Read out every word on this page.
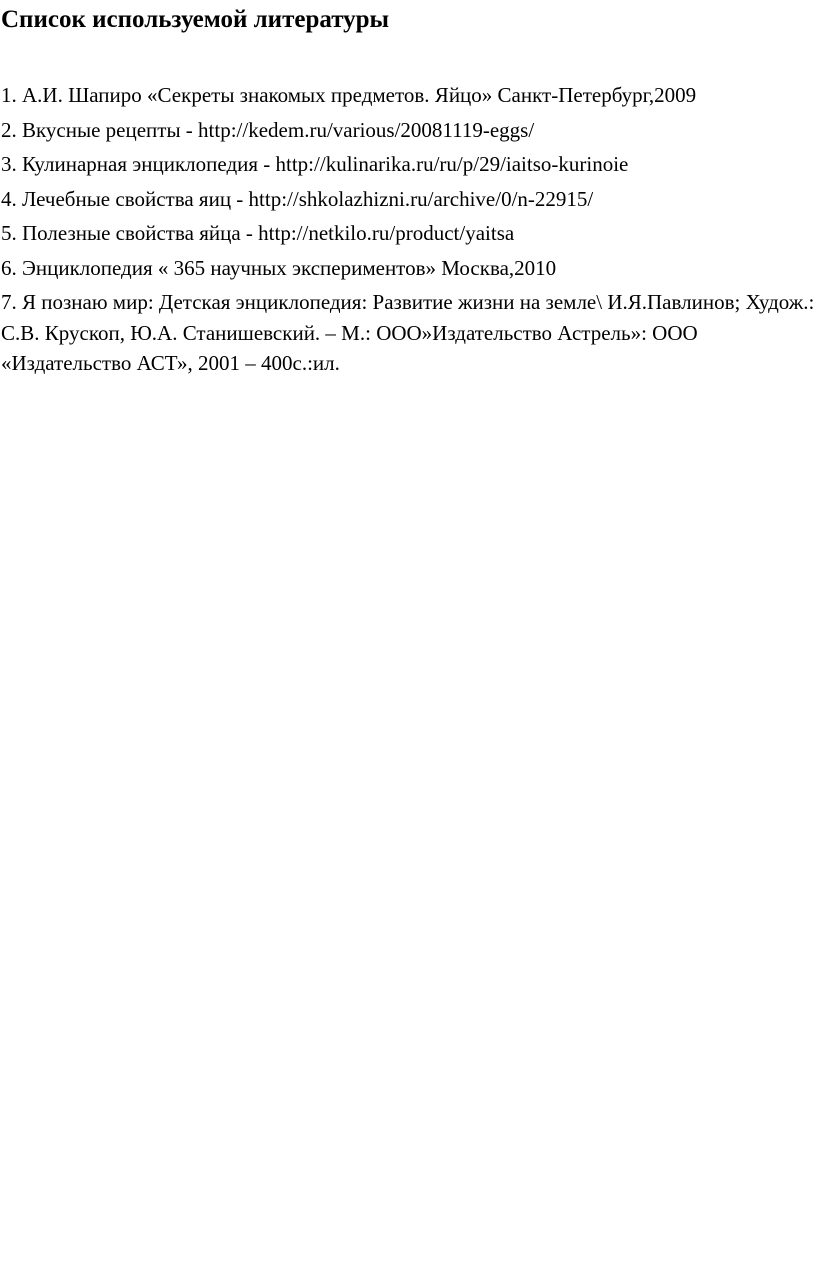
Список используемой литературы
1. А.И. Шапиро «Секреты знакомых предметов. Яйцо» Санкт-Петербург,2009
2. Вкусные рецепты - http://kedem.ru/various/20081119-eggs/
3. Кулинарная энциклопедия - http://kulinarika.ru/ru/p/29/iaitso-kurinoie
4. Лечебные свойства яиц - http://shkolazhizni.ru/archive/0/n-22915/
5. Полезные свойства яйца - http://netkilo.ru/product/yaitsa
6. Энциклопедия « 365 научных экспериментов» Москва,2010
7. Я познаю мир: Детская энциклопедия: Развитие жизни на земле\ И.Я.Павлинов; Худож.: С.В. Крускоп, Ю.А. Станишевский. – М.: ООО»Издательство Астрель»: ООО «Издательство АСТ», 2001 – 400с.:ил.
